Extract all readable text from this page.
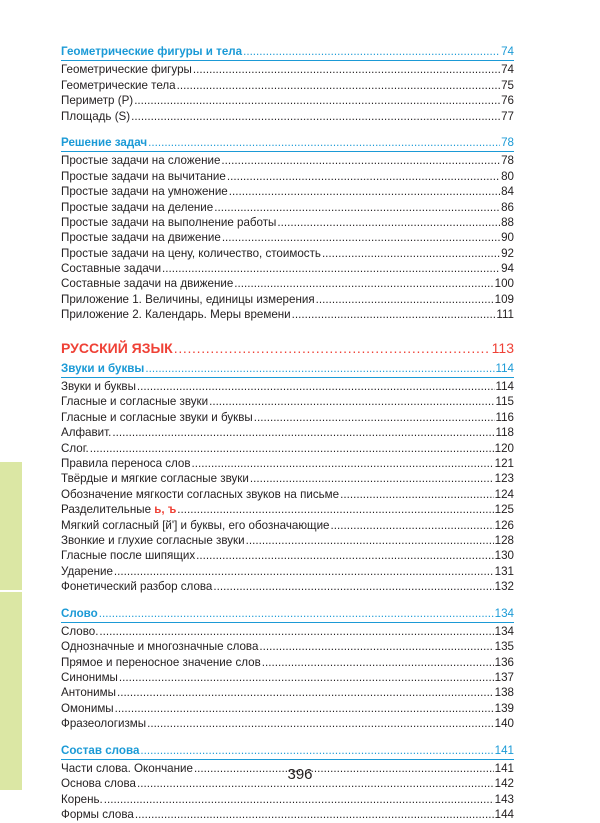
Геометрические фигуры и тела . . .	74
Геометрические фигуры . . .	74
Геометрические тела . . .	75
Периметр (P) . . .	76
Площадь (S) . . .	77
Решение задач . . .	78
Простые задачи на сложение . . .	78
Простые задачи на вычитание . . .	80
Простые задачи на умножение . . .	84
Простые задачи на деление . . .	86
Простые задачи на выполнение работы . . .	88
Простые задачи на движение . . .	90
Простые задачи на цену, количество, стоимость . . .	92
Составные задачи . . .	94
Составные задачи на движение . . .	100
Приложение 1. Величины, единицы измерения . . .	109
Приложение 2. Календарь. Меры времени . . .	111
РУССКИЙ ЯЗЫК . . .	113
Звуки и буквы . . .	114
Звуки и буквы . . .	114
Гласные и согласные звуки . . .	115
Гласные и согласные звуки и буквы . . .	116
Алфавит. . . .	118
Слог. . . .	120
Правила переноса слов . . .	121
Твёрдые и мягкие согласные звуки . . .	123
Обозначение мягкости согласных звуков на письме . . .	124
Разделительные ь, ъ . . .	125
Мягкий согласный [й'] и буквы, его обозначающие . . .	126
Звонкие и глухие согласные звуки . . .	128
Гласные после шипящих . . .	130
Ударение . . .	131
Фонетический разбор слова . . .	132
Слово . . .	134
Слово. . . .	134
Однозначные и многозначные слова . . .	135
Прямое и переносное значение слов . . .	136
Синонимы . . .	137
Антонимы . . .	138
Омонимы . . .	139
Фразеологизмы . . .	140
Состав слова . . .	141
Части слова. Окончание . . .	141
Основа слова . . .	142
Корень. . . .	143
Формы слова . . .	144
396
